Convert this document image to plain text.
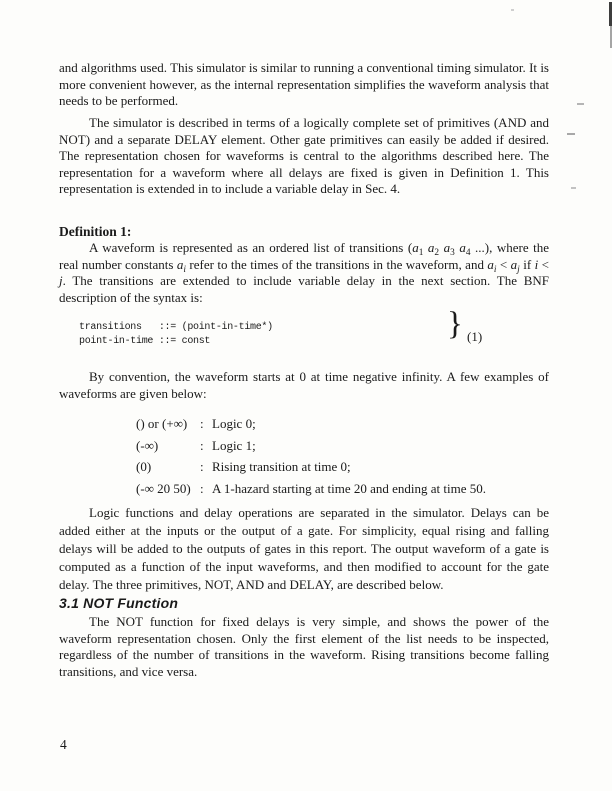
and algorithms used. This simulator is similar to running a conventional timing simulator. It is more convenient however, as the internal representation simplifies the waveform analysis that needs to be performed.

The simulator is described in terms of a logically complete set of primitives (AND and NOT) and a separate DELAY element. Other gate primitives can easily be added if desired. The representation chosen for waveforms is central to the algorithms described here. The representation for a waveform where all delays are fixed is given in Definition 1. This representation is extended in to include a variable delay in Sec. 4.

Definition 1:

A waveform is represented as an ordered list of transitions ($a_1$ $a_2$ $a_3$ $a_4$ ...), where the real number constants $a_i$ refer to the times of the transitions in the waveform, and $a_i < a_j$ if i < j. The transitions are extended to include variable delay in the next section. The BNF description of the syntax is:

transitions   ::= (point-in-time*)
point-in-time ::= const	} (1)

By convention, the waveform starts at 0 at time negative infinity. A few examples of waveforms are given below:

() or (+∞) : Logic 0;
(-∞)	: Logic 1;
(0)	: Rising transition at time 0;
(-∞ 20 50) : A 1-hazard starting at time 20 and ending at time 50.

Logic functions and delay operations are separated in the simulator. Delays can be added either at the inputs or the output of a gate. For simplicity, equal rising and falling delays will be added to the outputs of gates in this report. The output waveform of a gate is computed as a function of the input waveforms, and then modified to account for the gate delay. The three primitives, NOT, AND and DELAY, are described below.

3.1 NOT Function

The NOT function for fixed delays is very simple, and shows the power of the waveform representation chosen. Only the first element of the list needs to be inspected, regardless of the number of transitions in the waveform. Rising transitions become falling transitions, and vice versa.

4
